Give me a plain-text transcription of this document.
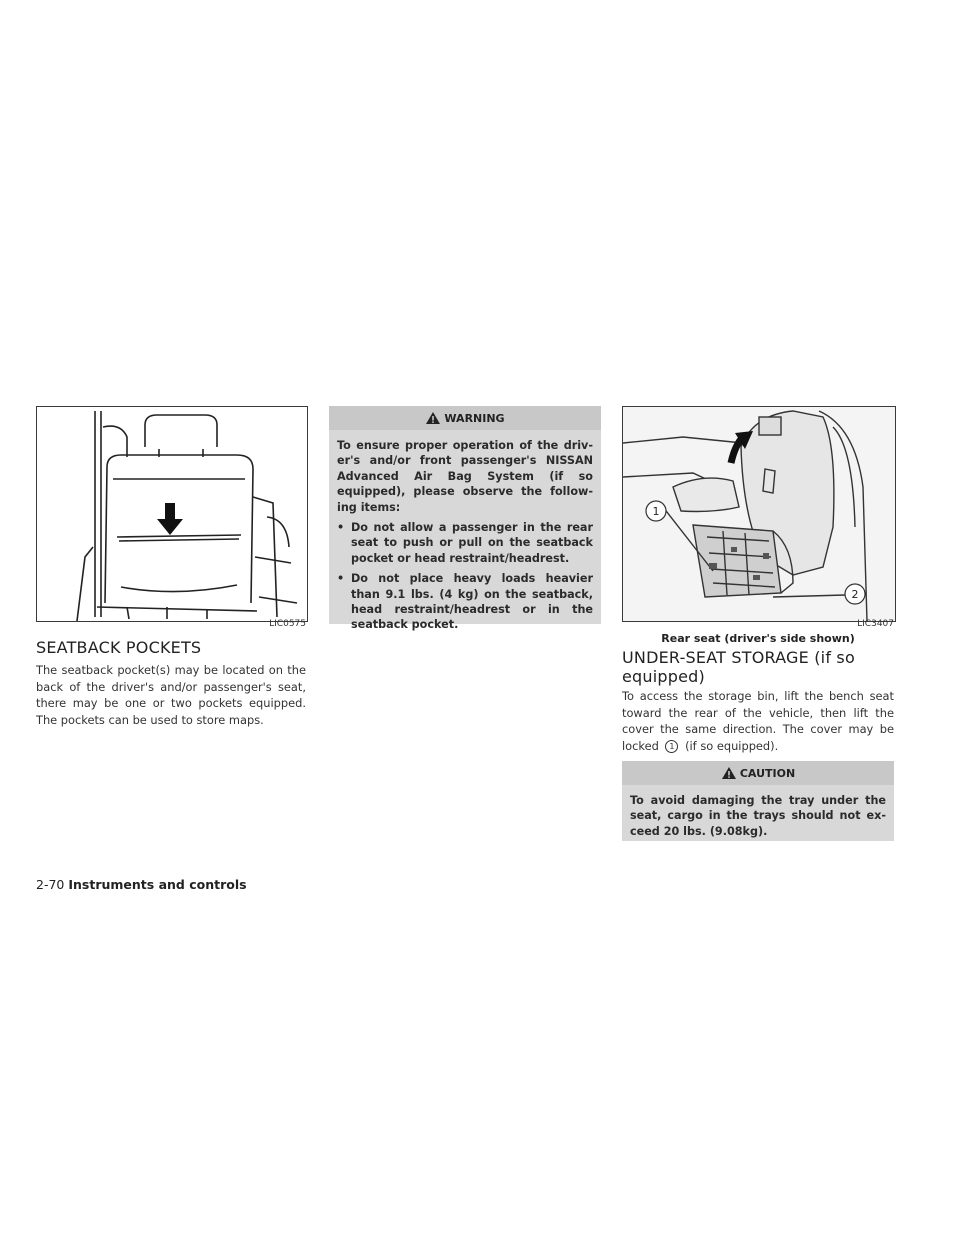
LIC0575
SEATBACK POCKETS
The seatback pocket(s) may be located on the back of the driver's and/or passenger's seat, there may be one or two pockets equipped. The pockets can be used to store maps.
WARNING

To ensure proper operation of the driv-er's and/or front passenger's NISSAN Advanced Air Bag System (if so equipped), please observe the follow-ing items:

• Do not allow a passenger in the rear seat to push or pull on the seatback pocket or head restraint/headrest.
• Do not place heavy loads heavier than 9.1 lbs. (4 kg) on the seatback, head restraint/headrest or in the seatback pocket.
1
2
LIC3407
Rear seat (driver's side shown)
UNDER-SEAT STORAGE (if so equipped)
To access the storage bin, lift the bench seat toward the rear of the vehicle, then lift the cover the same direction. The cover may be locked 1 (if so equipped).
CAUTION
To avoid damaging the tray under the seat, cargo in the trays should not ex-ceed 20 lbs. (9.08kg).
2-70 Instruments and controls
